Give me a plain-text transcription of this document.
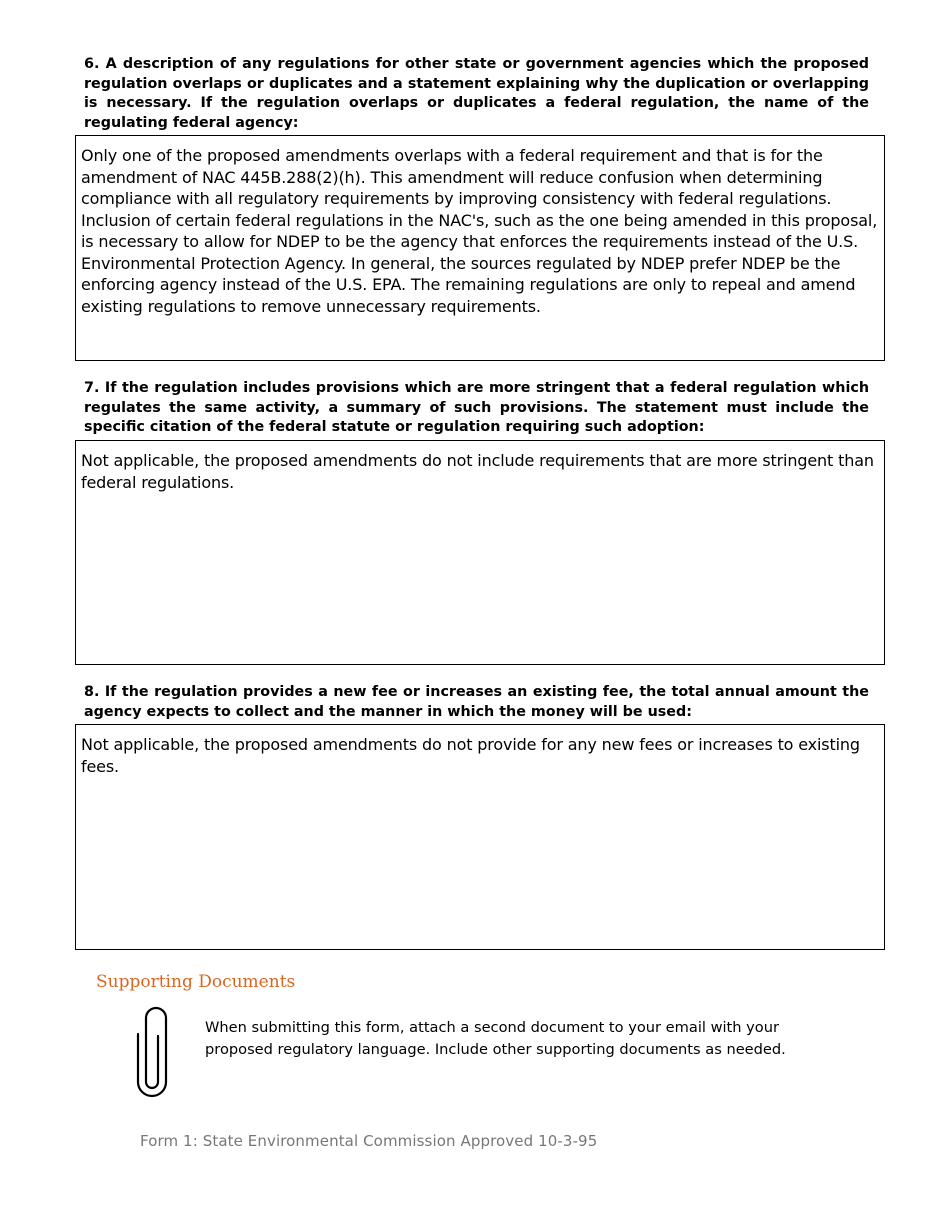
6. A description of any regulations for other state or government agencies which the proposed regulation overlaps or duplicates and a statement explaining why the duplication or overlapping is necessary. If the regulation overlaps or duplicates a federal regulation, the name of the regulating federal agency:

Only one of the proposed amendments overlaps with a federal requirement and that is for the amendment of NAC 445B.288(2)(h). This amendment will reduce confusion when determining compliance with all regulatory requirements by improving consistency with federal regulations. Inclusion of certain federal regulations in the NAC's, such as the one being amended in this proposal, is necessary to allow for NDEP to be the agency that enforces the requirements instead of the U.S. Environmental Protection Agency. In general, the sources regulated by NDEP prefer NDEP be the enforcing agency instead of the U.S. EPA. The remaining regulations are only to repeal and amend existing regulations to remove unnecessary requirements.

7. If the regulation includes provisions which are more stringent that a federal regulation which regulates the same activity, a summary of such provisions. The statement must include the specific citation of the federal statute or regulation requiring such adoption:

Not applicable, the proposed amendments do not include requirements that are more stringent than federal regulations.

8. If the regulation provides a new fee or increases an existing fee, the total annual amount the agency expects to collect and the manner in which the money will be used:

Not applicable, the proposed amendments do not provide for any new fees or increases to existing fees.
Supporting Documents
When submitting this form, attach a second document to your email with your proposed regulatory language. Include other supporting documents as needed.
Form 1: State Environmental Commission Approved 10-3-95
